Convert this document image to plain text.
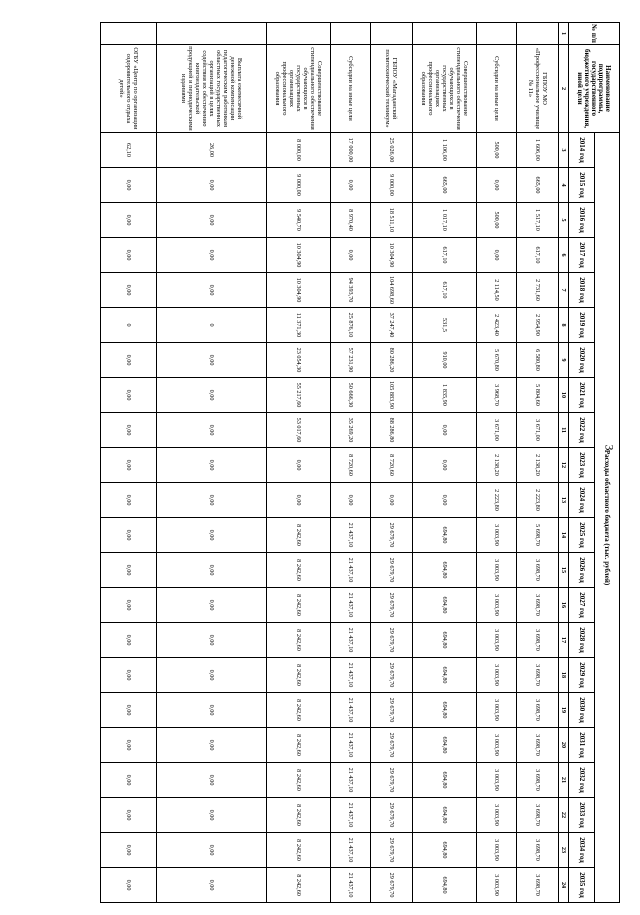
3
№ п/п	Наименование подпрограммы, государственного бюджетного учреждения, иной цели	Расходы областного бюджета (тыс. рублей)																					
		2014 год	2015 год	2016 год	2017 год	2018 год	2019 год	2020 год	2021 год	2022 год	2023 год	2024 год	2025 год	2026 год	2027 год	2028 год	2029 год	2030 год	2031 год	2032 год	2033 год	2034 год	2035 год
1	2	3	4	5	6	7	8	9	10	11	12	13	14	15	16	17	18	19	20	21	22	23	24
	ГБПОУ МО «Профессиональное училище № 11»	1 606,00	665,00	1 517,10	617,10	2 731,60	2 954,90	6 580,80	5 804,60	3 671,00	2 138,20	2 223,80	5 698,70	3 698,70	3 698,70	3 698,70	3 698,70	3 698,70	3 698,70	3 698,70	3 698,70	3 698,70	3 698,70
	Субсидии на иные цели	500,00	0,00	500,00	0,00	2 114,50	2 423,40	5 670,80	3 968,70	3 671,00	2 138,20	2 223,80	3 003,90	3 003,90	3 003,90	3 003,90	3 003,90	3 003,90	3 003,90	3 003,90	3 003,90	3 003,90	3 003,90
	Совершенствование стипендиального обеспечения обучающихся в государственных организациях профессионального образования	1 106,00	665,00	1 017,10	617,10	617,10	531,5	910,00	1 835,90	0,00	0,00	0,00	694,80	694,80	694,80	694,80	694,80	694,80	694,80	694,80	694,80	694,80	694,80
	ГБПОУ «Магаданский политехнический техникум»	25 026,00	9 000,00	18 511,10	10 304,90	104 698,60	37 247,40	80 286,20	105 883,90	88 286,80	8 720,60	0,00	29 679,70	29 679,70	29 679,70	29 679,70	29 679,70	29 679,70	29 679,70	29 679,70	29 679,70	29 679,70	29 679,70
	Субсидии на иные цели	17 000,00	0,00	8 970,40	0,00	94 393,70	25 876,10	57 231,90	50 666,30	35 269,20	8 720,60	0,00	21 437,10	21 437,10	21 437,10	21 437,10	21 437,10	21 437,10	21 437,10	21 437,10	21 437,10	21 437,10	21 437,10
	Совершенствование стипендиального обеспечения обучающихся в государственных организациях профессионального образования	8 000,00	9 000,00	9 540,70	10 304,90	10 304,90	11 371,30	23 054,30	55 217,60	53 017,60	0,00	0,00	8 242,60	8 242,60	8 242,60	8 242,60	8 242,60	8 242,60	8 242,60	8 242,60	8 242,60	8 242,60	8 242,60
	Выплата ежемесячной денежной компенсации педагогическим работникам областных государственных организаций в целях содействия их обеспечению книгоиздательской продукцией и периодическими изданиями	26,00	0,00	0,00	0,00	0,00	0	0,00	0,00	0,00	0,00	0,00	0,00	0,00	0,00	0,00	0,00	0,00	0,00	0,00	0,00	0,00	0,00
	ОГБУ «Центр по организации оздоровительного отдыха детей»	62,10	0,00	0,00	0,00	0,00	0	0,00	0,00	0,00	0,00	0,00	0,00	0,00	0,00	0,00	0,00	0,00	0,00	0,00	0,00	0,00	0,00
